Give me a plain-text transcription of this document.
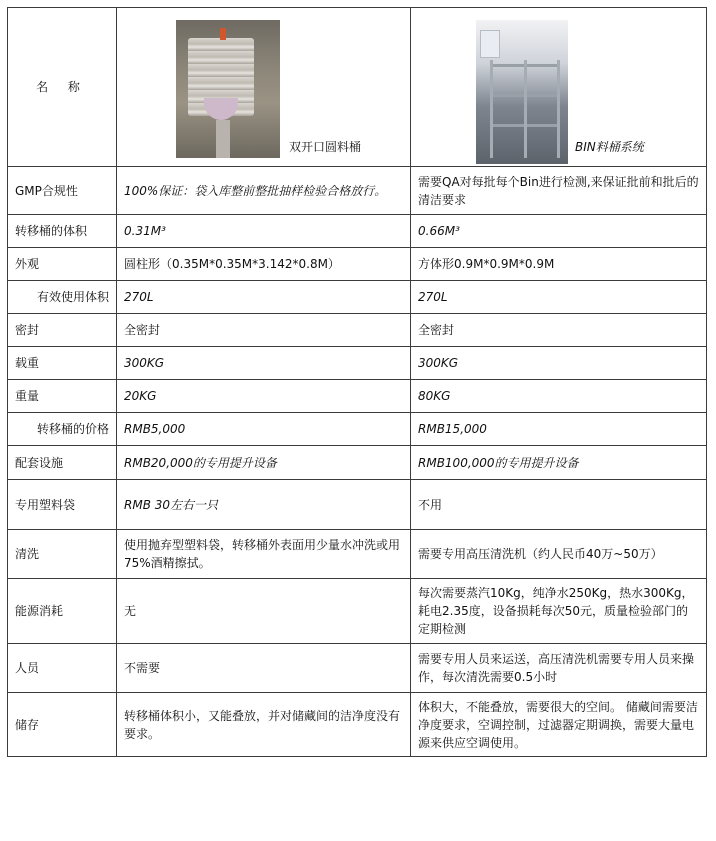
名 称	双开口圆料桶	BIN料桶系统

GMP合规性	100%保证：袋入库整前整批抽样检验合格放行。	需要QA对每批每个Bin进行检测,来保证批前和批后的清洁要求
转移桶的体积	0.31M³	0.66M³
外观	圆柱形（0.35M*0.35M*3.142*0.8M）	方体形0.9M*0.9M*0.9M
有效使用体积	270L	270L
密封	全密封	全密封
载重	300KG	300KG
重量	20KG	80KG
转移桶的价格	RMB5,000	RMB15,000
配套设施	RMB20,000的专用提升设备	RMB100,000的专用提升设备
专用塑料袋	RMB 30左右一只	不用
清洗	使用抛弃型塑料袋，转移桶外表面用少量水冲洗或用75%酒精擦拭。	需要专用高压清洗机（约人民币40万~50万）
能源消耗	无	每次需要蒸汽10Kg，纯净水250Kg，热水300Kg，耗电2.35度，设备损耗每次50元，质量检验部门的定期检测
人员	不需要	需要专用人员来运送，高压清洗机需要专用人员来操作，每次清洗需要0.5小时
储存	转移桶体积小，又能叠放，并对储藏间的洁净度没有要求。	体积大，不能叠放，需要很大的空间。 储藏间需要洁净度要求，空调控制，过滤器定期调换，需要大量电源来供应空调使用。
